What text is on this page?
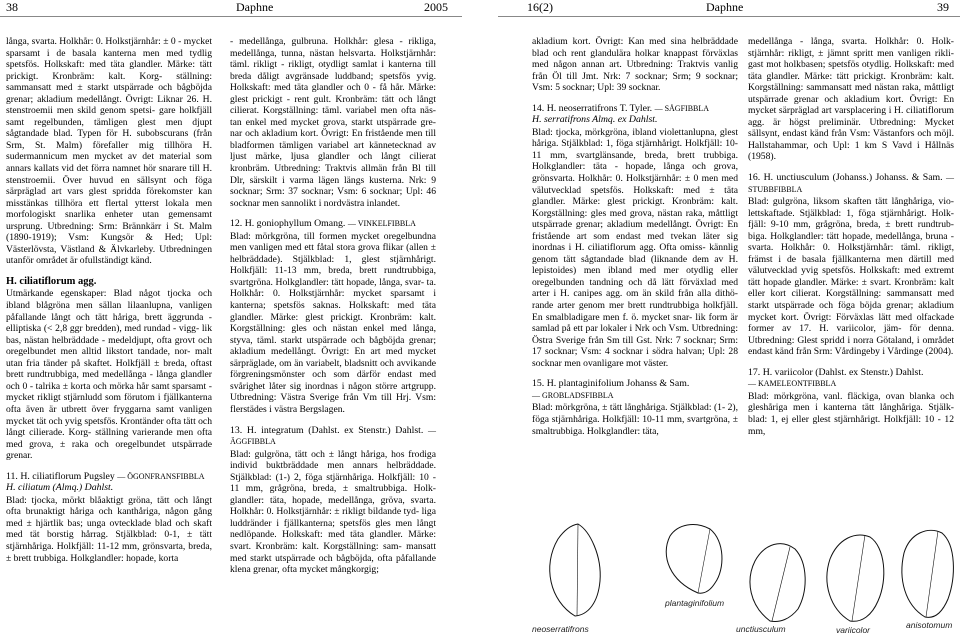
38	Daphne	2005	16(2)	Daphne	39

långa, svarta. Holkhår: 0. Holkstjärnhår: ± 0 - mycket sparsamt i de basala kanterna men med tydlig spetsfös. Holkskaft: med täta glandler. Märke: tätt prickigt. Kronbräm: kalt. Korg- ställning: sammansatt med ± starkt utspärrade och bågböjda grenar; akladium medellångt. Övrigt: Liknar 26. H. stenstroemii men skild genom spetsi- gare holkfjäll samt regelbunden, tämligen glest men djupt sågtandade blad. Typen för H. subobscurans (från Srm, St. Malm) förefaller mig tillhöra H. sudermannicum men mycket av det material som annars kallats vid det förra namnet hör snarare till H. stenstroemii. Över huvud en sällsynt och föga särpräglad art vars glest spridda förekomster kan misstänkas tillhöra ett flertal ytterst lokala men morfologiskt snarlika enheter utan gemensamt ursprung. Utbredning: Srm: Brännkärr i St. Malm (1890-1919); Vsm: Kungsör & Hed; Upl: Västerlövsta, Västland & Älvkarleby. Utbredningen utanför området är ofullständigt känd.

H. ciliatiflorum agg.

Utmärkande egenskaper: Blad något tjocka och ibland blågröna men sällan lilaanlupna, vanligen påfallande långt och tätt håriga, brett äggrunda - elliptiska (< 2,8 ggr bredden), med rundad - vigg- lik bas, nästan helbräddade - medeldjupt, ofta grovt och oregelbundet men alltid likstort tandade, nor- malt utan fria tänder på skaftet. Holkfjäll ± breda, oftast brett rundtrubbiga, med medellånga - långa glandler och 0 - talrika ± korta och mörka hår samt sparsamt - mycket rikligt stjärnludd som förutom i fjällkanterna ofta även är utbrett över fryggarna samt vanligen mycket tät och yvig spetsfös. Krontänder ofta tätt och långt cilierade. Korg- ställning varierande men ofta med grova, ± raka och oregelbundet utspärrade grenar.

11. H. ciliatiflorum Pugsley — ÖGONFRANSFIBBLA
H. ciliatum (Almq.) Dahlst.

Blad: tjocka, mörkt blåaktigt gröna, tätt och långt ofta brunaktigt håriga och kanthåriga, någon gång med ± hjärtlik bas; unga ovtecklade blad och skaft med tät borstig hårrag. Stjälkblad: 0-1, ± tätt stjärnhåriga. Holkfjäll: 11-12 mm, grönsvarta, breda, ± brett trubbiga. Holkglandler: hopade, korta

- medellånga, gulbruna. Holkhår: glesa - rikliga, medellånga, tunna, nästan helsvarta. Holkstjärnhår: täml. rikligt - rikligt, otydligt samlat i kanterna till breda dåligt avgränsade luddband; spetsfös yvig. Holkskaft: med täta glandler och 0 - få hår. Märke: glest prickigt - rent gult. Kronbräm: tätt och långt cilierat. Korgställning: täml. variabel men ofta näs- tan enkel med mycket grova, starkt utspärrade gre- nar och akladium kort. Övrigt: En fristående men till bladformen tämligen variabel art kännetecknad av ljust märke, ljusa glandler och långt cilierat kronbräm. Utbredning: Traktvis allmän från Bl till Dlr, särskilt i varma lägen längs kusterna. Nrk: 9 socknar; Srm: 37 socknar; Vsm: 6 socknar; Upl: 46 socknar men sannolikt i nordvästra inlandet.

12. H. goniophyllum Omang. — VINKELFIBBLA

Blad: mörkgröna, till formen mycket oregelbundna men vanligen med ett fåtal stora grova flikar (allen ± helbräddade). Stjälkblad: 1, glest stjärnhårigt. Holkfjäll: 11-13 mm, breda, brett rundtrubbiga, svartgröna. Holkglandler: tätt hopade, långa, svar- ta. Holkhår: 0. Holkstjärnhår: mycket sparsamt i kanterna; spetsfös saknas. Holkskaft: med täta glandler. Märke: glest prickigt. Kronbräm: kalt. Korgställning: gles och nästan enkel med långa, styva, täml. starkt utspärrade och bågböjda grenar; akladium medellångt. Övrigt: En art med mycket särpräglade, om än variabelt, bladsnitt och avvikande förgreningsmönster och som därför endast med svårighet låter sig inordnas i någon större artgrupp. Utbredning: Västra Sverige från Vm till Hrj. Vsm: flerstädes i västra Bergslagen.

13. H. integratum (Dahlst. ex Stenstr.) Dahlst. — ÄGGFIBBLA

Blad: gulgröna, tätt och ± långt håriga, hos frodiga individ buktbräddade men annars helbräddade. Stjälkblad: (1-) 2, föga stjärnhåriga. Holkfjäll: 10 - 11 mm, grågröna, breda, ± smaltrubbiga. Holk- glandler: täta, hopade, medellånga, gröva, svarta. Holkhår: 0. Holkstjärnhår: ± rikligt bildande tyd- liga luddränder i fjällkanterna; spetsfös gles men långt nedlöpande. Holkskaft: med täta glandler. Märke: svart. Kronbräm: kalt. Korgställning: sam- mansatt med starkt utspärrade och bågböjda, ofta påfallande klena grenar, ofta mycket mångkorgig;

akladium kort. Övrigt: Kan med sina helbräddade blad och rent glandulära holkar knappast förväxlas med någon annan art. Utbredning: Traktvis vanlig från Öl till Jmt. Nrk: 7 socknar; Srm; 9 socknar; Vsm: 5 socknar; Upl: 39 socknar.

14. H. neoserratifrons T. Tyler. — SÅGFIBBLA
H. serratifrons Almq. ex Dahlst.

Blad: tjocka, mörkgröna, ibland violettanlupna, glest håriga. Stjälkblad: 1, föga stjärnhårigt. Holkfjäll: 10-11 mm, svartglänsande, breda, brett trubbiga. Holkglandler: täta - hopade, långa och grova, grönsvarta. Holkhår: 0. Holkstjärnhår: ± 0 men med välutvecklad spetsfös. Holkskaft: med ± täta glandler. Märke: glest prickigt. Kronbräm: kalt. Korgställning: gles med grova, nästan raka, måttligt utspärrade grenar; akladium medellångt. Övrigt: En fristående art som endast med tvekan läter sig inordnas i H. ciliatiflorum agg. Ofta omiss- kännlig genom tätt sågtandade blad (liknande dem av H. lepistoides) men ibland med mer otydlig eller oregelbunden tandning och då lätt förväxlad med arter i H. canipes agg. om än skild från alla dithö- rande arter genom mer brett rundtrubbiga holkfjäll. En smalbladigare men f. ö. mycket snar- lik form är samlad på ett par lokaler i Nrk och Vsm. Utbredning: Östra Sverige från Sm till Gst. Nrk: 7 socknar; Srm: 17 socknar; Vsm: 4 socknar i södra halvan; Upl: 28 socknar men ovanligare mot väster.

15. H. plantaginifolium Johanss & Sam.
— GROBLADSFIBBLA

Blad: mörkgröna, ± tätt långhåriga. Stjälkblad: (1- 2), föga stjärnhåriga. Holkfjäll: 10-11 mm, svartgröna, ± smaltrubbiga. Holkglandler: täta,

medellånga - långa, svarta. Holkhår: 0. Holk- stjärnhår: rikligt, ± jämnt spritt men vanligen rikli- gast mot holkbasen; spetsfös otydlig. Holkskaft: med täta glandler. Märke: tätt prickigt. Kronbräm: kalt. Korgställning: sammansatt med nästan raka, måttligt utspärrade grenar och akladium kort. Övrigt: En mycket särpräglad art varsplacering i H. ciliatiflorum agg. är högst preliminär. Utbredning: Mycket sällsynt, endast känd från Vsm: Västanfors och möjl. Hallstahammar, och Upl: 1 km S Vavd i Hållnäs (1958).

16. H. unctiusculum (Johanss.) Johanss. & Sam. — STUBBFIBBLA

Blad: gulgröna, liksom skaften tätt långhåriga, vio- lettskaftade. Stjälkblad: 1, föga stjärnhårigt. Holk- fjäll: 9-10 mm, grågröna, breda, ± brett rundtrub- biga. Holkglandler: tätt hopade, medellånga, bruna - svarta. Holkhår: 0. Holkstjärnhår: täml. rikligt, främst i de basala fjällkanterna men därtill med välutvecklad yvig spetsfös. Holkskaft: med extremt tätt hopade glandler. Märke: ± svart. Kronbräm: kalt eller kort cilierat. Korgställning: sammansatt med starkt utspärrade och föga böjda grenar; akladium mycket kort. Övrigt: Förväxlas lätt med olfackade former av 17. H. variicolor, jäm- för denna. Utbredning: Glest spridd i norra Götaland, i området endast känd från Srm: Vårdingeby i Vårdinge (2004).

17. H. variicolor (Dahlst. ex Stenstr.) Dahlst.
— KAMELEONTFIBBLA

Blad: mörkgröna, vanl. fläckiga, ovan blanka och gleshåriga men i kanterna tätt långhåriga. Stjälk- blad: 1, ej eller glest stjärnhårigt. Holkfjäll: 10 - 12 mm,

neoserratifrons
plantaginifolium
unctiusculum	variicolor	anisotomum
